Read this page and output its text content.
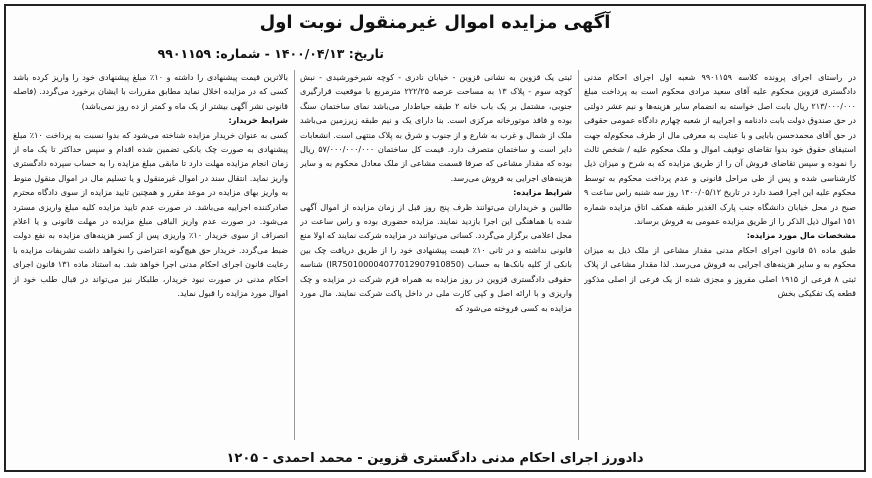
آگهی مزایده اموال غیرمنقول نوبت اول
تاریخ: ۱۴۰۰/۰۴/۱۳ - شماره: ۹۹۰۱۱۵۹

در راستای اجرای پرونده کلاسه ۹۹۰۱۱۵۹ شعبه اول اجرای احکام مدنی دادگستری قزوین محکوم علیه آقای سعید مرادی محکوم است به پرداخت مبلغ ۲۱۳/۰۰۰/۰۰۰ ریال بابت اصل خواسته به انضمام سایر هزینه‌ها و نیم عشر دولتی در حق صندوق دولت بابت دادنامه و اجراییه از شعبه چهارم دادگاه عمومی حقوقی در حق آقای محمدحسن بابایی و با عنایت به معرفی مال از طرف محکوم‌له جهت استیفای حقوق خود بدوا تقاضای توقیف اموال و ملک محکوم علیه / شخص ثالث را نموده و سپس تقاضای فروش آن را از طریق مزایده که به شرح و میزان ذیل کارشناسی شده و پس از طی مراحل قانونی و عدم پرداخت محکوم به توسط محکوم علیه این اجرا قصد دارد در تاریخ ۱۴۰۰/۰۵/۱۲ روز سه شنبه راس ساعت ۹ صبح در محل خیابان دانشگاه جنب پارک الغدیر طبقه همکف اتاق مزایده شماره ۱۵۱ اموال ذیل الذکر را از طریق مزایده عمومی به فروش برساند.

مشخصات مال مورد مزایده:

طبق ماده ۵۱ قانون اجرای احکام مدنی مقدار مشاعی از ملک ذیل به میزان محکوم به و سایر هزینه‌های اجرایی به فروش می‌رسد. لذا مقدار مشاعی از پلاک ثبتی ۸ فرعی از ۱۹۱۵ اصلی مفروز و مجزی شده از یک فرعی از اصلی مذکور قطعه یک تفکیکی بخش

ثبتی یک قزوین به نشانی قزوین - خیابان نادری - کوچه شیرخورشیدی - نبش کوچه سوم - پلاک ۱۳ به مساحت عرصه ۲۲۲/۲۵ مترمربع با موقعیت قرارگیری جنوبی، مشتمل بر یک باب خانه ۲ طبقه حیاط‌دار می‌باشد نمای ساختمان سنگ بوده و فاقد موتورخانه مرکزی است. بنا دارای یک و نیم طبقه زیرزمین می‌باشد ملک از شمال و غرب به شارع و از جنوب و شرق به پلاک منتهی است. انشعابات دایر است و ساختمان متصرف دارد. قیمت کل ساختمان ۵۷/۰۰۰/۰۰۰/۰۰۰ ریال بوده که مقدار مشاعی که صرفا قسمت مشاعی از ملک معادل محکوم به و سایر هزینه‌های اجرایی به فروش می‌رسد.

شرایط مزایده:

طالبین و خریداران می‌توانند ظرف پنج روز قبل از زمان مزایده از اموال آگهی شده با هماهنگی این اجرا بازدید نمایند. مزایده حضوری بوده و راس ساعت در محل اعلامی برگزار می‌گردد. کسانی می‌توانند در مزایده شرکت نمایند که اولا منع قانونی نداشته و در ثانی ۱۰٪ قیمت پیشنهادی خود را از طریق دریافت چک بین بانکی از کلیه بانک‌ها به حساب (IR750100004077012907910850) شناسه حقوقی دادگستری قزوین در روز مزایده به همراه فرم شرکت در مزایده و چک واریزی و با ارائه اصل و کپی کارت ملی در داخل پاکت شرکت نمایند. مال مورد مزایده به کسی فروخته می‌شود که

بالاترین قیمت پیشنهادی را داشته و ۱۰٪ مبلغ پیشنهادی خود را واریز کرده باشد کسی که در مزایده اخلال نماید مطابق مقررات با ایشان برخورد می‌گردد. (فاصله قانونی نشر آگهی بیشتر از یک ماه و کمتر از ده روز نمی‌باشد)

شرایط خریدار:

کسی به عنوان خریدار مزایده شناخته می‌شود که بدوا نسبت به پرداخت ۱۰٪ مبلغ پیشنهادی به صورت چک بانکی تضمین شده اقدام و سپس حداکثر تا یک ماه از زمان انجام مزایده مهلت دارد تا مابقی مبلغ مزایده را به حساب سپرده دادگستری واریز نماید. انتقال سند در اموال غیرمنقول و یا تسلیم مال در اموال منقول منوط به واریز بهای مزایده در موعد مقرر و همچنین تایید مزایده از سوی دادگاه محترم صادرکننده اجراییه می‌باشد. در صورت عدم تایید مزایده کلیه مبلغ واریزی مسترد می‌شود. در صورت عدم واریز الباقی مبلغ مزایده در مهلت قانونی و یا اعلام انصراف از سوی خریدار ۱۰٪ واریزی پس از کسر هزینه‌های مزایده به نفع دولت ضبط می‌گردد. خریدار حق هیچ‌گونه اعتراضی را نخواهد داشت تشریفات مزایده با رعایت قانون اجرای احکام مدنی اجرا خواهد شد. به استناد ماده ۱۳۱ قانون اجرای احکام مدنی در صورت نبود خریدار، طلبکار نیز می‌تواند در قبال طلب خود از اموال مورد مزایده را قبول نماید.

دادورز اجرای احکام مدنی دادگستری قزوین - محمد احمدی - ۱۲۰۵
